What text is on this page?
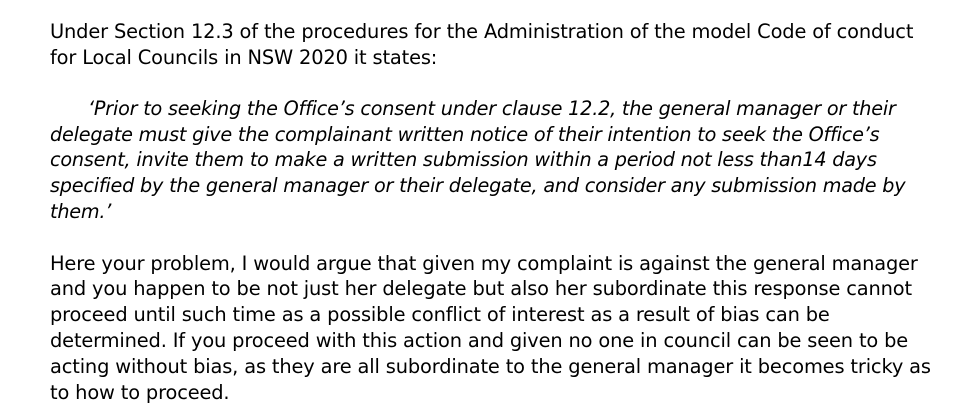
Under Section 12.3 of the procedures for the Administration of the model Code of conduct
for Local Councils in NSW 2020 it states:
‘Prior to seeking the Office’s consent under clause 12.2, the general manager or their
delegate must give the complainant written notice of their intention to seek the Office’s
consent, invite them to make a written submission within a period not less than14 days
specified by the general manager or their delegate, and consider any submission made by
them.’
Here your problem, I would argue that given my complaint is against the general manager
and you happen to be not just her delegate but also her subordinate this response cannot
proceed until such time as a possible conflict of interest as a result of bias can be
determined. If you proceed with this action and given no one in council can be seen to be
acting without bias, as they are all subordinate to the general manager it becomes tricky as
to how to proceed.
